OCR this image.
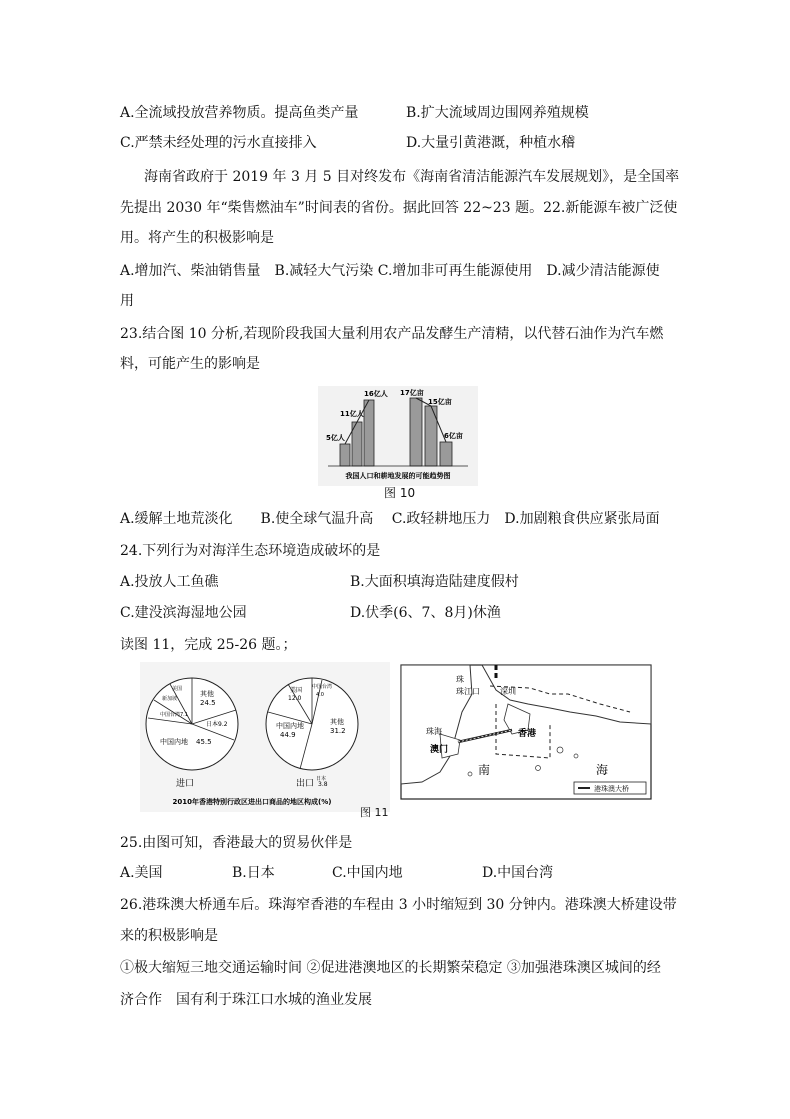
A.全流域投放营养物质。提高鱼类产量	B.扩大流域周边围网养殖规模
C.严禁未经处理的污水直接排入	D.大量引黄港溉，种植水稽
海南省政府于 2019 年 3 月 5 目对终发布《海南省清洁能源汽车发展规划》，是全国率
先提出 2030 年“柴售燃油车”时间表的省份。据此回答 22~23 题。22.新能源车被广泛使
用。将产生的积极影响是
A.增加汽、柴油销售量　B.减轻大气污染 C.增加非可再生能源使用　D.减少清洁能源使
用
23.结合图 10 分析,若现阶段我国大量利用农产品发酵生产清精，以代替石油作为汽车燃
料，可能产生的影响是
5亿人
11亿人
16亿人 17亿亩
15亿亩
6亿亩
我国人口和耕地发展的可能趋势图
图 10
A.缓解土地荒淡化　　B.使全球气温升高　 C.政轻耕地压力　D.加剧粮食供应紧张局面
24.下列行为对海洋生态环境造成破坏的是
A.投放人工鱼礁	B.大面积填海造陆建度假村
C.建没滨海湿地公园	D.伏季(6、7、8月)休渔
读图 11，完成 25-26 题。；
其他
24.5
日本9.2
中国台湾7.1
新加坡
美国
中国内地 45.5
进口
美国
12.0
中国台湾
4.0
其他
31.2
中国内地
44.9
日本
3.8
出口
2010年香港特别行政区进出口商品的地区构成(%)
珠
珠江口	深圳
珠海
澳门
香港
南	海
港珠澳大桥
图 11
25.由图可知，香港最大的贸易伙伴是
A.美国	B.日本	C.中国内地	D.中国台湾
26.港珠澳大桥通车后。珠海窄香港的车程由 3 小时缩短到 30 分钟内。港珠澳大桥建设带
来的积极影响是
①极大缩短三地交通运输时间 ②促进港澳地区的长期繁荣稳定 ③加强港珠澳区城间的经
济合作　国有利于珠江口水城的渔业发展
